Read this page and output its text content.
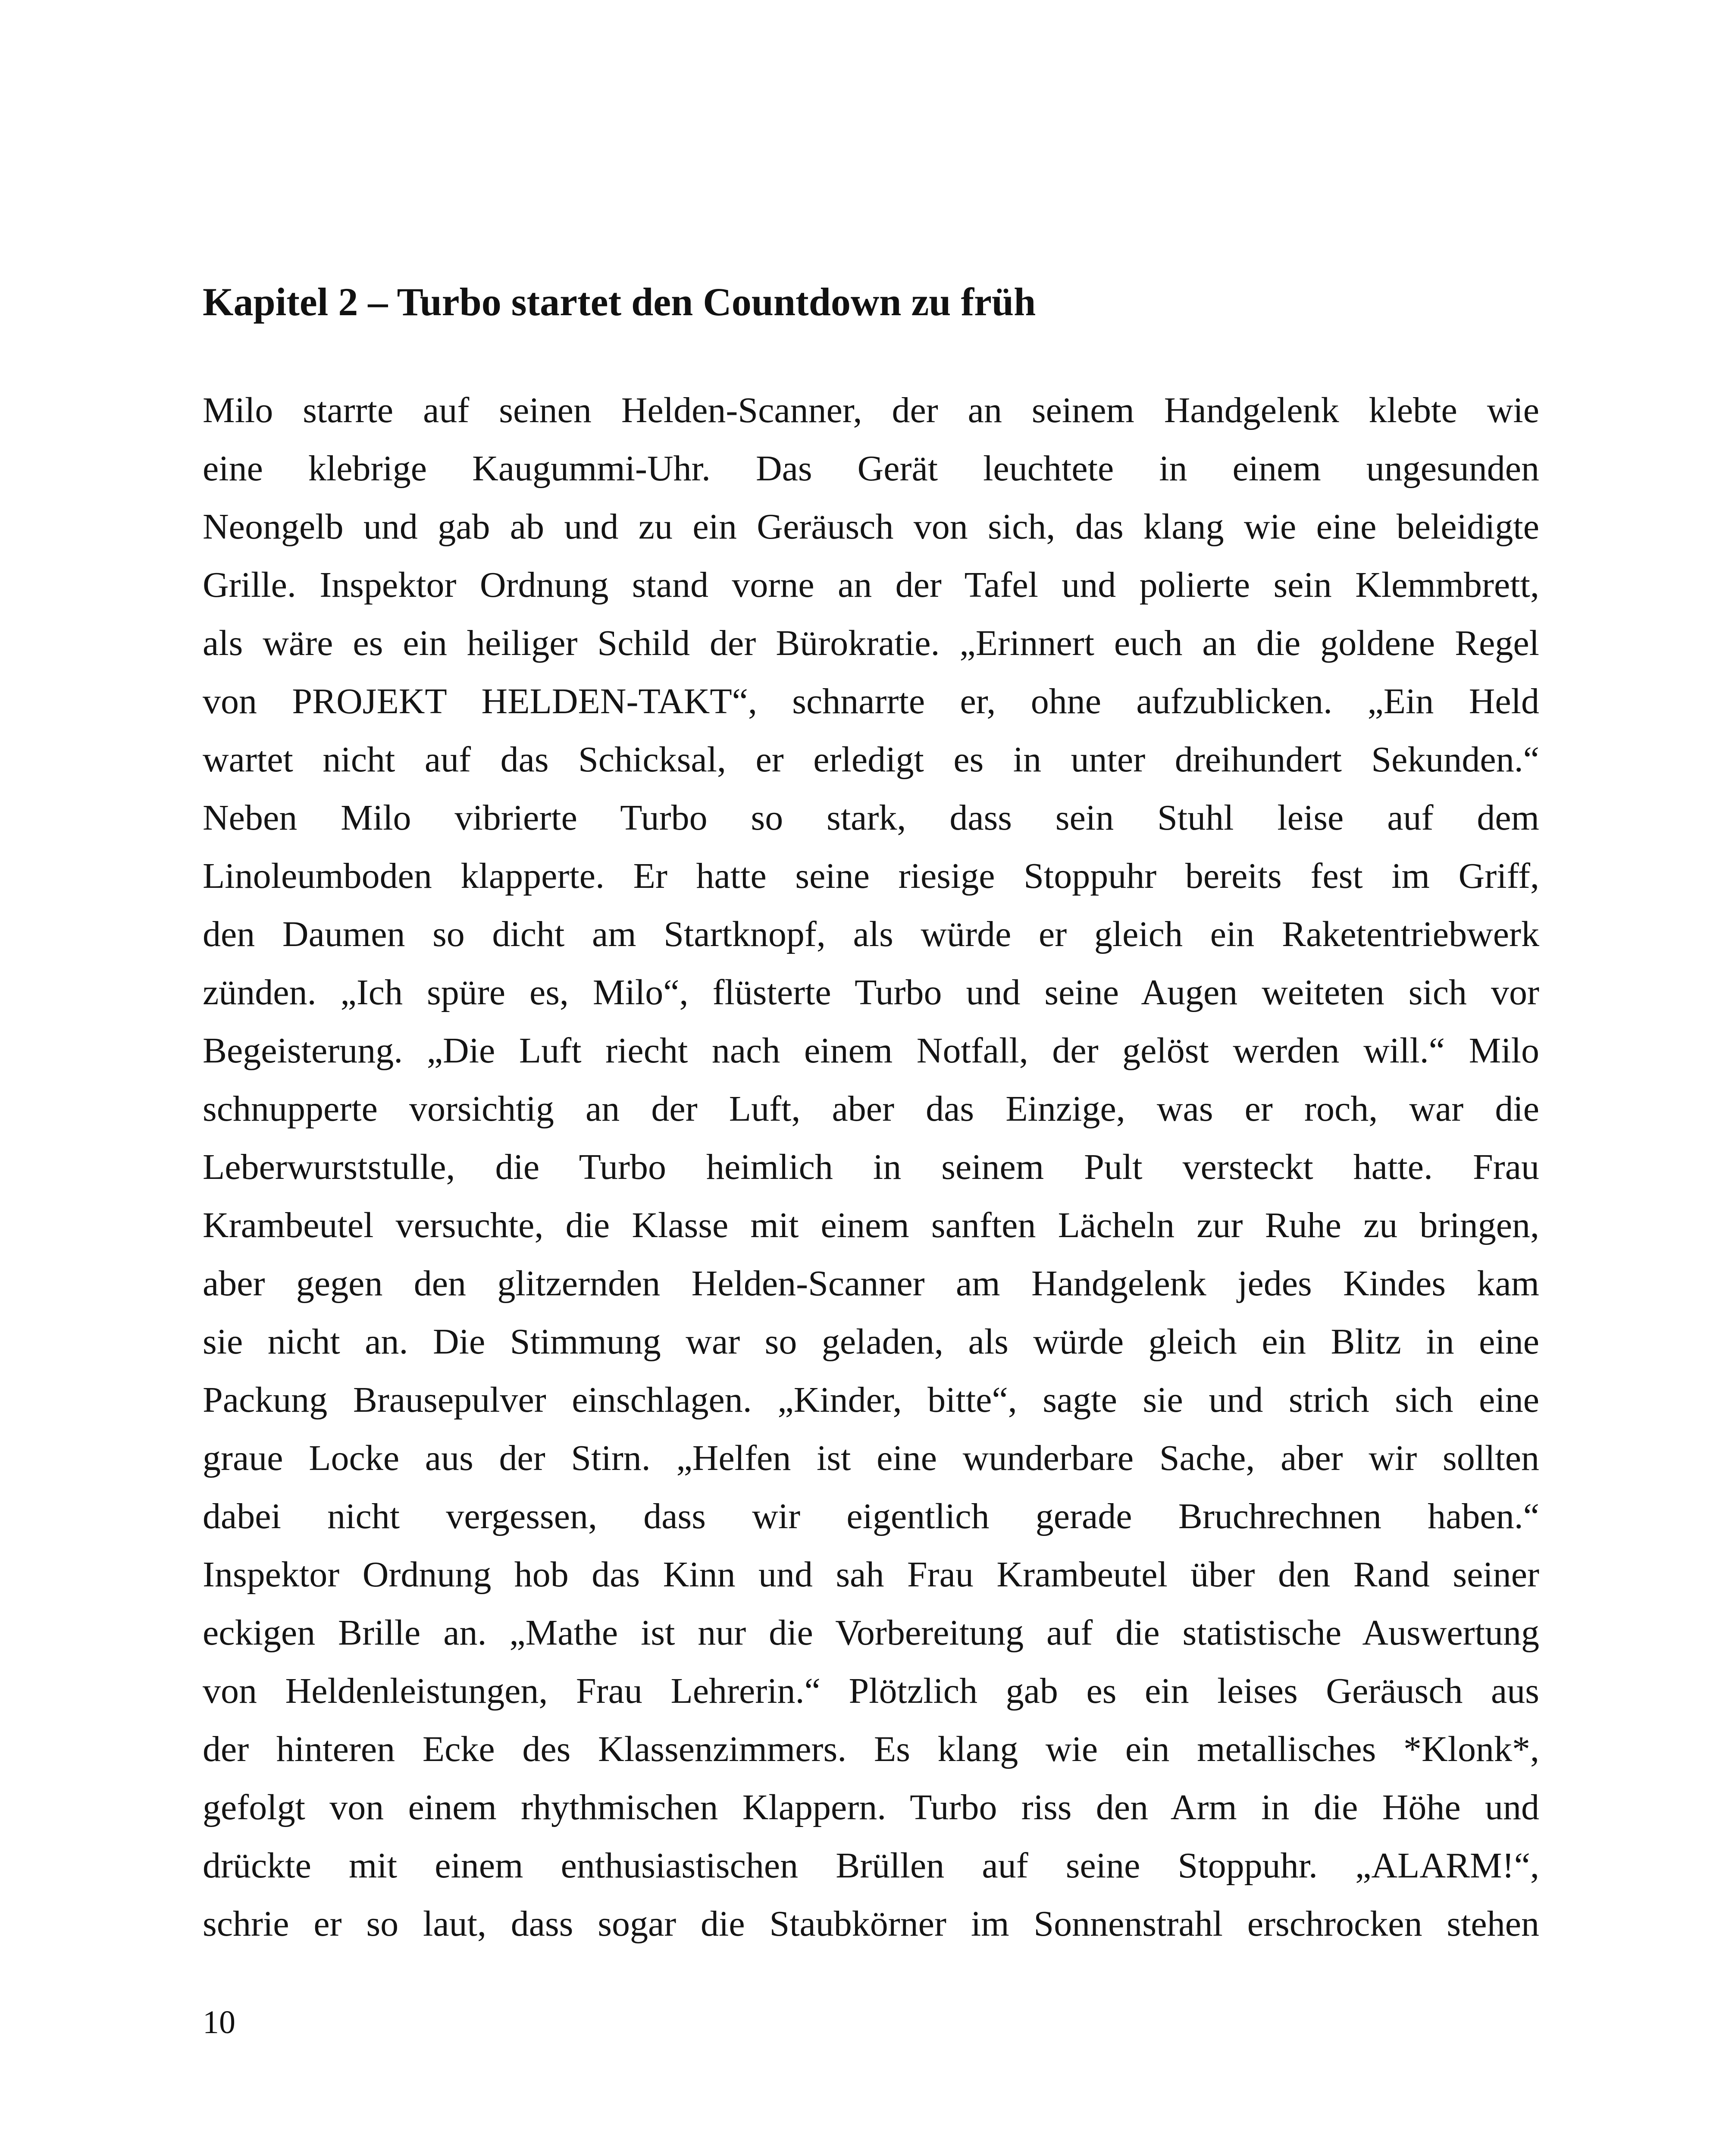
Kapitel 2 – Turbo startet den Countdown zu früh
Milo starrte auf seinen Helden-Scanner, der an seinem Handgelenk klebte wie
eine klebrige Kaugummi-Uhr. Das Gerät leuchtete in einem ungesunden
Neongelb und gab ab und zu ein Geräusch von sich, das klang wie eine beleidigte
Grille. Inspektor Ordnung stand vorne an der Tafel und polierte sein Klemmbrett,
als wäre es ein heiliger Schild der Bürokratie. „Erinnert euch an die goldene Regel
von PROJEKT HELDEN-TAKT“, schnarrte er, ohne aufzublicken. „Ein Held
wartet nicht auf das Schicksal, er erledigt es in unter dreihundert Sekunden.“
Neben Milo vibrierte Turbo so stark, dass sein Stuhl leise auf dem
Linoleumboden klapperte. Er hatte seine riesige Stoppuhr bereits fest im Griff,
den Daumen so dicht am Startknopf, als würde er gleich ein Raketentriebwerk
zünden. „Ich spüre es, Milo“, flüsterte Turbo und seine Augen weiteten sich vor
Begeisterung. „Die Luft riecht nach einem Notfall, der gelöst werden will.“ Milo
schnupperte vorsichtig an der Luft, aber das Einzige, was er roch, war die
Leberwurststulle, die Turbo heimlich in seinem Pult versteckt hatte. Frau
Krambeutel versuchte, die Klasse mit einem sanften Lächeln zur Ruhe zu bringen,
aber gegen den glitzernden Helden-Scanner am Handgelenk jedes Kindes kam
sie nicht an. Die Stimmung war so geladen, als würde gleich ein Blitz in eine
Packung Brausepulver einschlagen. „Kinder, bitte“, sagte sie und strich sich eine
graue Locke aus der Stirn. „Helfen ist eine wunderbare Sache, aber wir sollten
dabei nicht vergessen, dass wir eigentlich gerade Bruchrechnen haben.“
Inspektor Ordnung hob das Kinn und sah Frau Krambeutel über den Rand seiner
eckigen Brille an. „Mathe ist nur die Vorbereitung auf die statistische Auswertung
von Heldenleistungen, Frau Lehrerin.“ Plötzlich gab es ein leises Geräusch aus
der hinteren Ecke des Klassenzimmers. Es klang wie ein metallisches *Klonk*,
gefolgt von einem rhythmischen Klappern. Turbo riss den Arm in die Höhe und
drückte mit einem enthusiastischen Brüllen auf seine Stoppuhr. „ALARM!“,
schrie er so laut, dass sogar die Staubkörner im Sonnenstrahl erschrocken stehen
10
